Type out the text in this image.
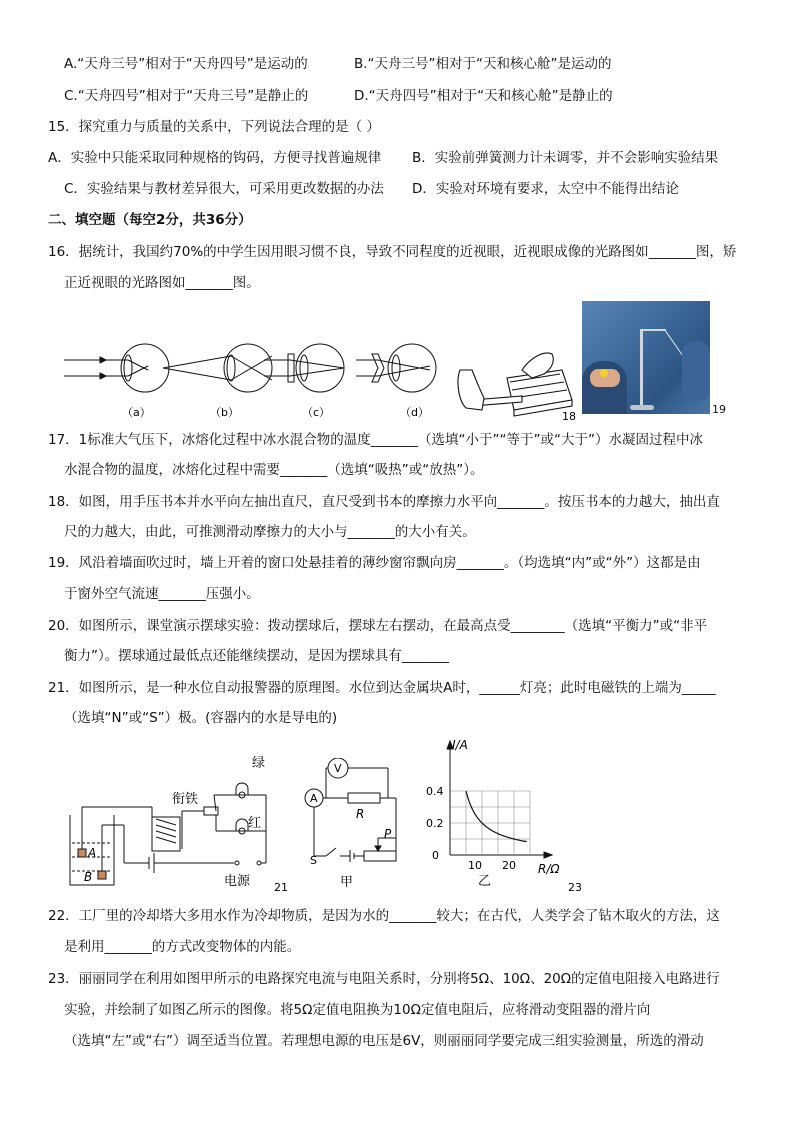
A.“天舟三号”相对于“天舟四号”是运动的	B.“天舟三号”相对于“天和核心舱”是运动的
C.“天舟四号”相对于“天舟三号”是静止的	D.“天舟四号”相对于“天和核心舱”是静止的
15．探究重力与质量的关系中，下列说法合理的是（ ）
A．实验中只能采取同种规格的钩码，方便寻找普遍规律 B．实验前弹簧测力计未调零，并不会影响实验结果
C．实验结果与教材差异很大，可采用更改数据的办法 D．实验对环境有要求，太空中不能得出结论
二、填空题（每空2分，共36分）
16．据统计，我国约70%的中学生因用眼习惯不良，导致不同程度的近视眼，近视眼成像的光路图如_______图，矫
正近视眼的光路图如_______图。
（a）	（b）	（c）	（d）	18
19
17．1标准大气压下，冰熔化过程中冰水混合物的温度_______（选填“小于”“等于”或“大于”）水凝固过程中冰
水混合物的温度，冰熔化过程中需要_______（选填“吸热”或“放热”）。
18．如图，用手压书本并水平向左抽出直尺，直尺受到书本的摩擦力水平向_______。按压书本的力越大，抽出直
尺的力越大，由此，可推测滑动摩擦力的大小与_______的大小有关。
19．风沿着墙面吹过时，墙上开着的窗口处悬挂着的薄纱窗帘飘向房_______。（均选填“内”或“外”）这都是由
于窗外空气流速_______压强小。
20．如图所示，课堂演示摆球实验：拨动摆球后，摆球左右摆动，在最高点受________（选填“平衡力”或“非平
衡力”）。摆球通过最低点还能继续摆动，是因为摆球具有_______
21．如图所示，是一种水位自动报警器的原理图。水位到达金属块A时，______灯亮；此时电磁铁的上端为_____
（选填“N”或“S”）极。(容器内的水是导电的)
绿
红
衔铁
电源
A
B
21
V
A
R
P
S
甲
I/A
0.4
0.2
0
10 20 R/Ω
乙	23
22．工厂里的冷却塔大多用水作为冷却物质，是因为水的_______较大；在古代，人类学会了钻木取火的方法，这
是利用_______的方式改变物体的内能。
23．丽丽同学在利用如图甲所示的电路探究电流与电阻关系时，分别将5Ω、10Ω、20Ω的定值电阻接入电路进行
实验，并绘制了如图乙所示的图像。将5Ω定值电阻换为10Ω定值电阻后，应将滑动变阻器的滑片向
（选填“左”或“右”）调至适当位置。若理想电源的电压是6V，则丽丽同学要完成三组实验测量，所选的滑动
